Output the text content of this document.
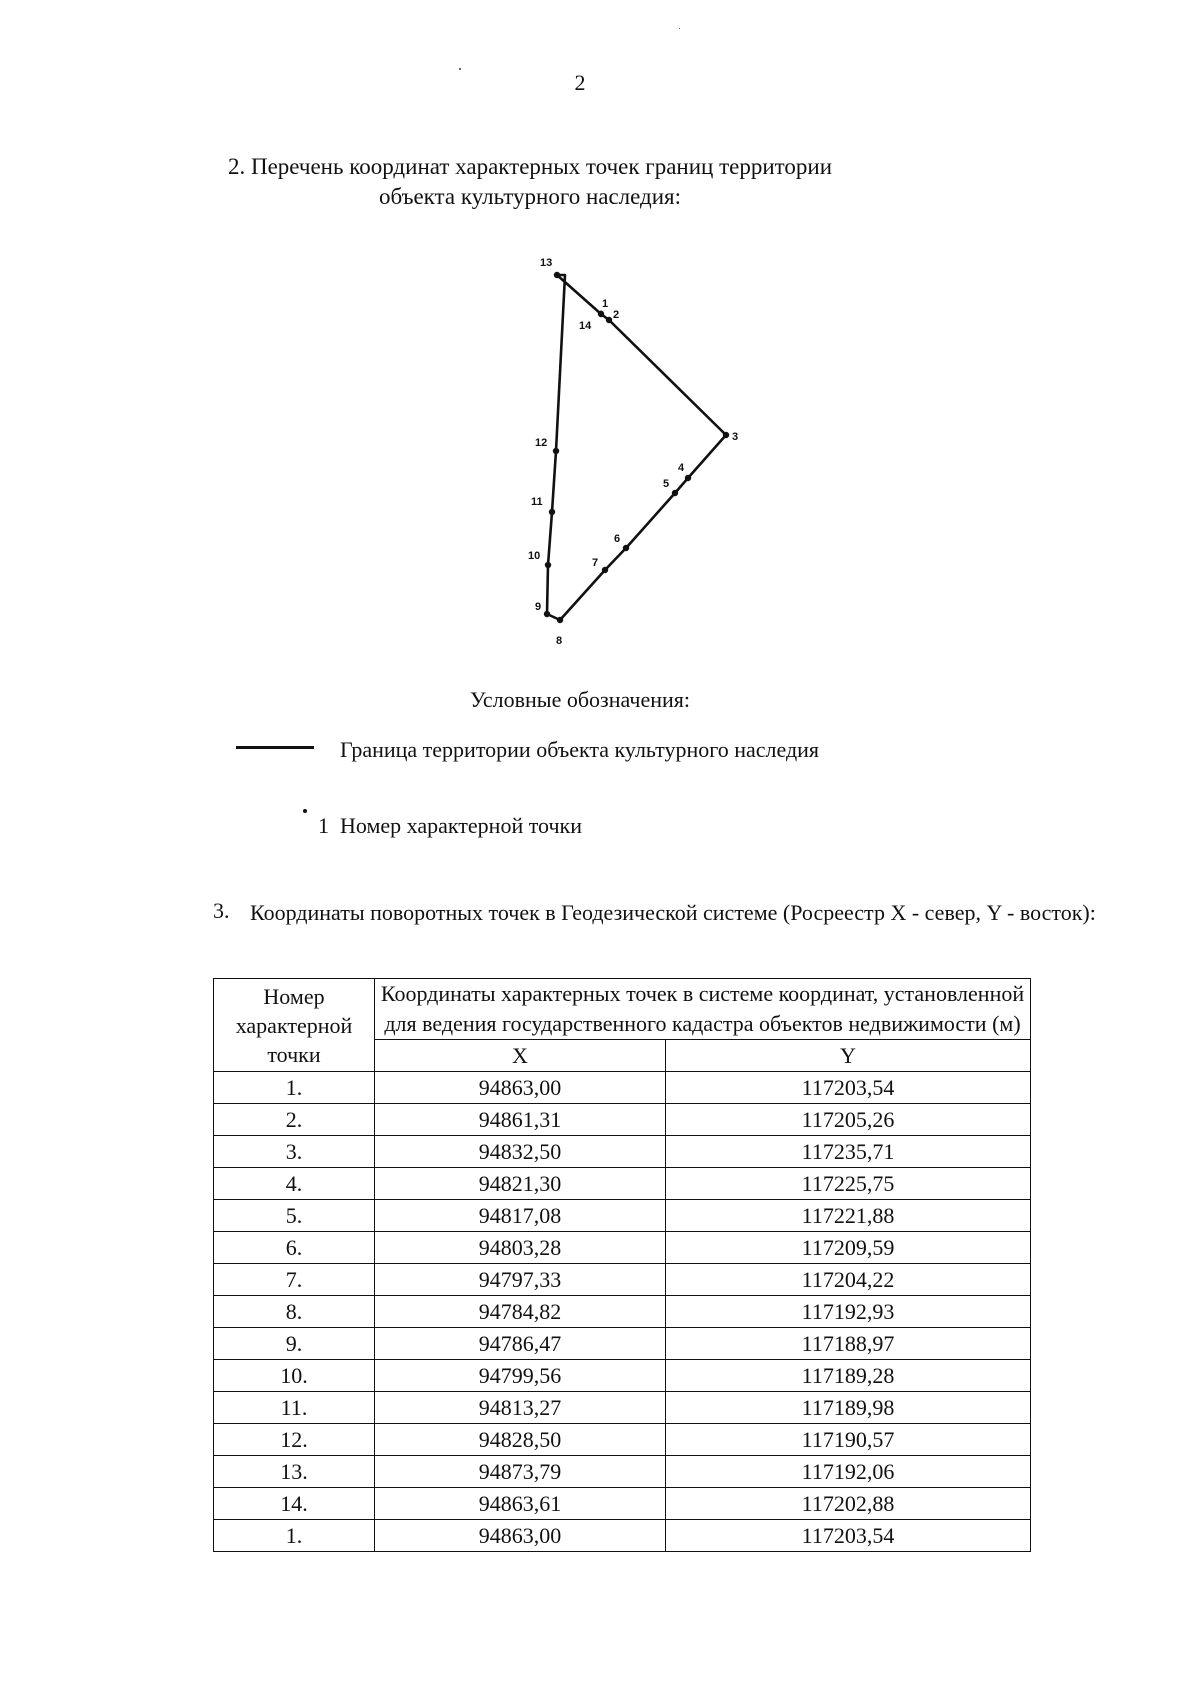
2
2. Перечень координат характерных точек границ территории
объекта культурного наследия:
1
2
3
4
5
6
7
8
9
10
11
12
13
14
Условные обозначения:
Граница территории объекта культурного наследия
1 Номер характерной точки
3. Координаты поворотных точек в Геодезической системе (Росреестр X - север, Y - восток):
Номер характерной точки	Координаты характерных точек в системе координат, установленной для ведения государственного кадастра объектов недвижимости (м)	
	X	Y
1.	94863,00	117203,54
2.	94861,31	117205,26
3.	94832,50	117235,71
4.	94821,30	117225,75
5.	94817,08	117221,88
6.	94803,28	117209,59
7.	94797,33	117204,22
8.	94784,82	117192,93
9.	94786,47	117188,97
10.	94799,56	117189,28
11.	94813,27	117189,98
12.	94828,50	117190,57
13.	94873,79	117192,06
14.	94863,61	117202,88
1.	94863,00	117203,54
